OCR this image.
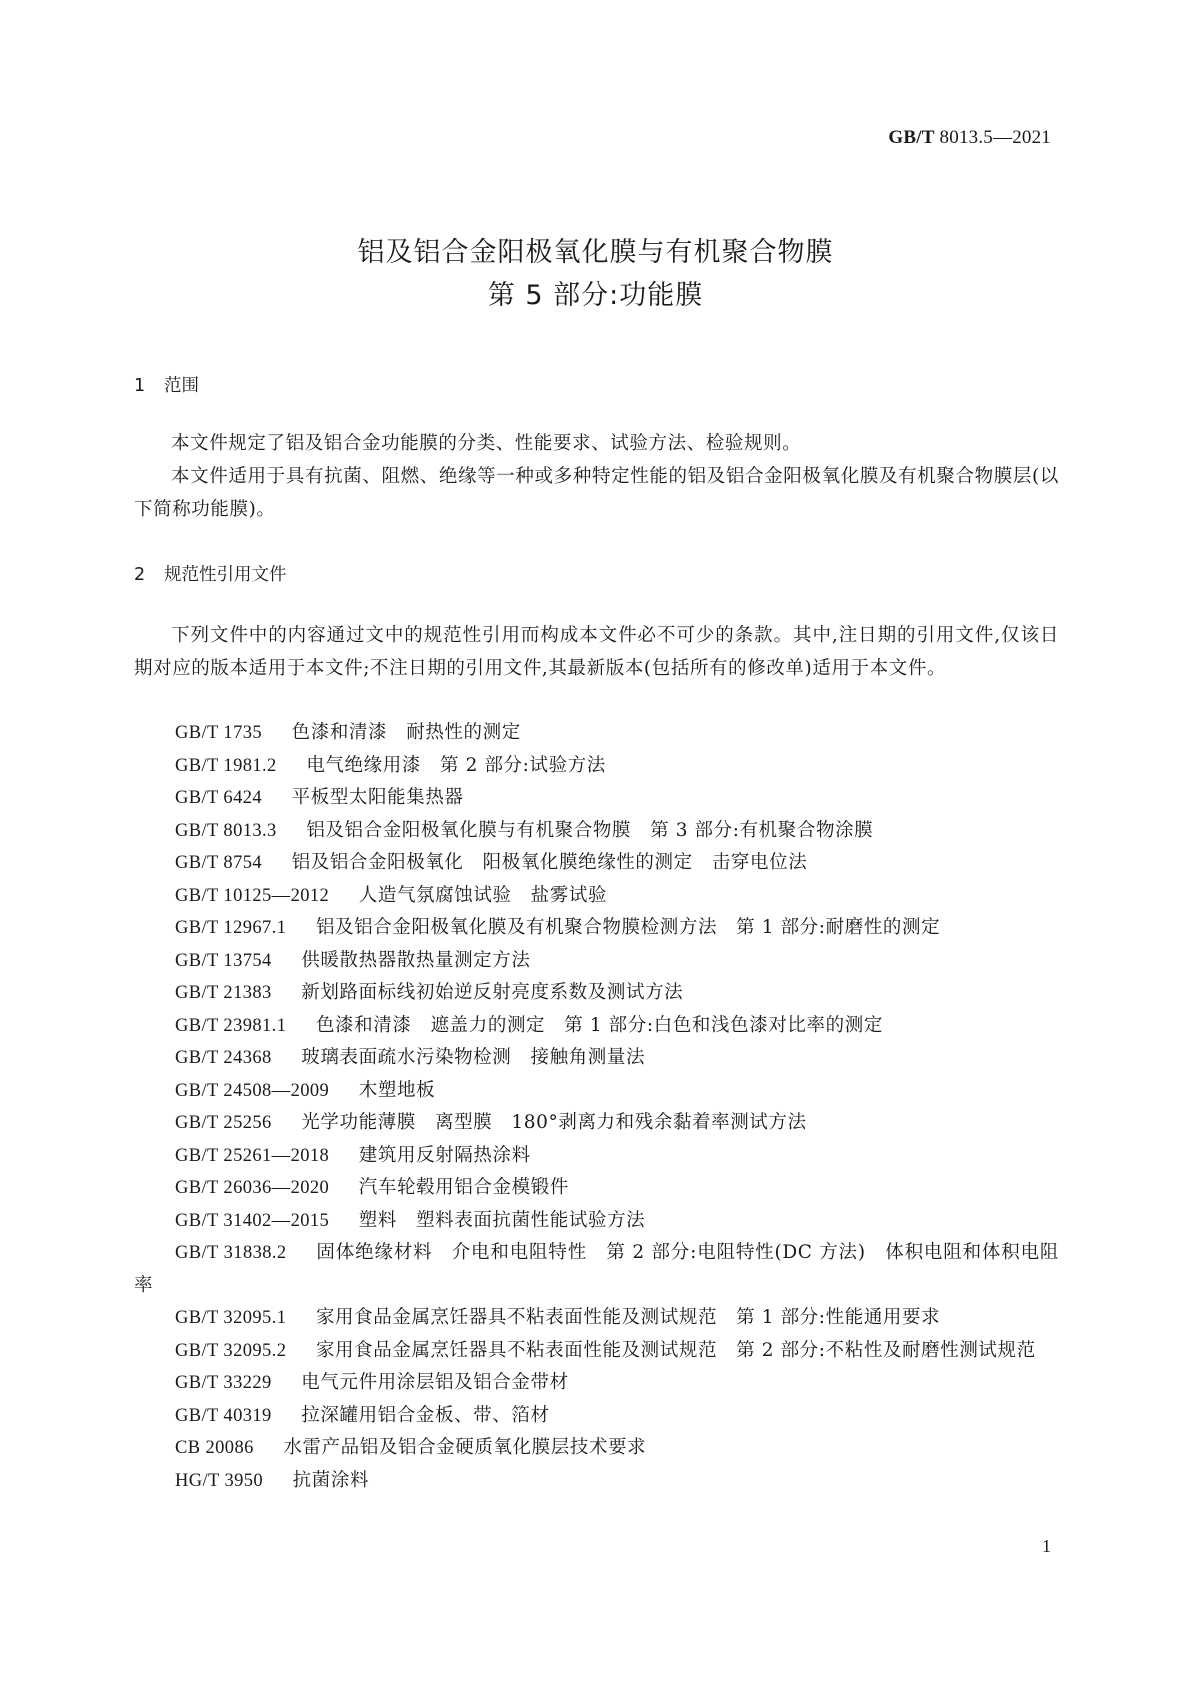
GB/T 8013.5—2021
铝及铝合金阳极氧化膜与有机聚合物膜
第 5 部分:功能膜
1 范围

本文件规定了铝及铝合金功能膜的分类、性能要求、试验方法、检验规则。

本文件适用于具有抗菌、阻燃、绝缘等一种或多种特定性能的铝及铝合金阳极氧化膜及有机聚合物膜层(以下简称功能膜)。

2 规范性引用文件

下列文件中的内容通过文中的规范性引用而构成本文件必不可少的条款。其中,注日期的引用文件,仅该日期对应的版本适用于本文件;不注日期的引用文件,其最新版本(包括所有的修改单)适用于本文件。

GB/T 1735 色漆和清漆　耐热性的测定
GB/T 1981.2 电气绝缘用漆　第 2 部分:试验方法
GB/T 6424 平板型太阳能集热器
GB/T 8013.3 铝及铝合金阳极氧化膜与有机聚合物膜　第 3 部分:有机聚合物涂膜
GB/T 8754 铝及铝合金阳极氧化　阳极氧化膜绝缘性的测定　击穿电位法
GB/T 10125—2012 人造气氛腐蚀试验　盐雾试验
GB/T 12967.1 铝及铝合金阳极氧化膜及有机聚合物膜检测方法　第 1 部分:耐磨性的测定
GB/T 13754 供暖散热器散热量测定方法
GB/T 21383 新划路面标线初始逆反射亮度系数及测试方法
GB/T 23981.1 色漆和清漆　遮盖力的测定　第 1 部分:白色和浅色漆对比率的测定
GB/T 24368 玻璃表面疏水污染物检测　接触角测量法
GB/T 24508—2009 木塑地板
GB/T 25256 光学功能薄膜　离型膜　180°剥离力和残余黏着率测试方法
GB/T 25261—2018 建筑用反射隔热涂料
GB/T 26036—2020 汽车轮毂用铝合金模锻件
GB/T 31402—2015 塑料　塑料表面抗菌性能试验方法
GB/T 31838.2 固体绝缘材料　介电和电阻特性　第 2 部分:电阻特性(DC 方法)　体积电阻和体积电阻率
GB/T 32095.1 家用食品金属烹饪器具不粘表面性能及测试规范　第 1 部分:性能通用要求
GB/T 32095.2 家用食品金属烹饪器具不粘表面性能及测试规范　第 2 部分:不粘性及耐磨性测试规范
GB/T 33229 电气元件用涂层铝及铝合金带材
GB/T 40319 拉深罐用铝合金板、带、箔材
CB 20086 水雷产品铝及铝合金硬质氧化膜层技术要求
HG/T 3950 抗菌涂料
1
